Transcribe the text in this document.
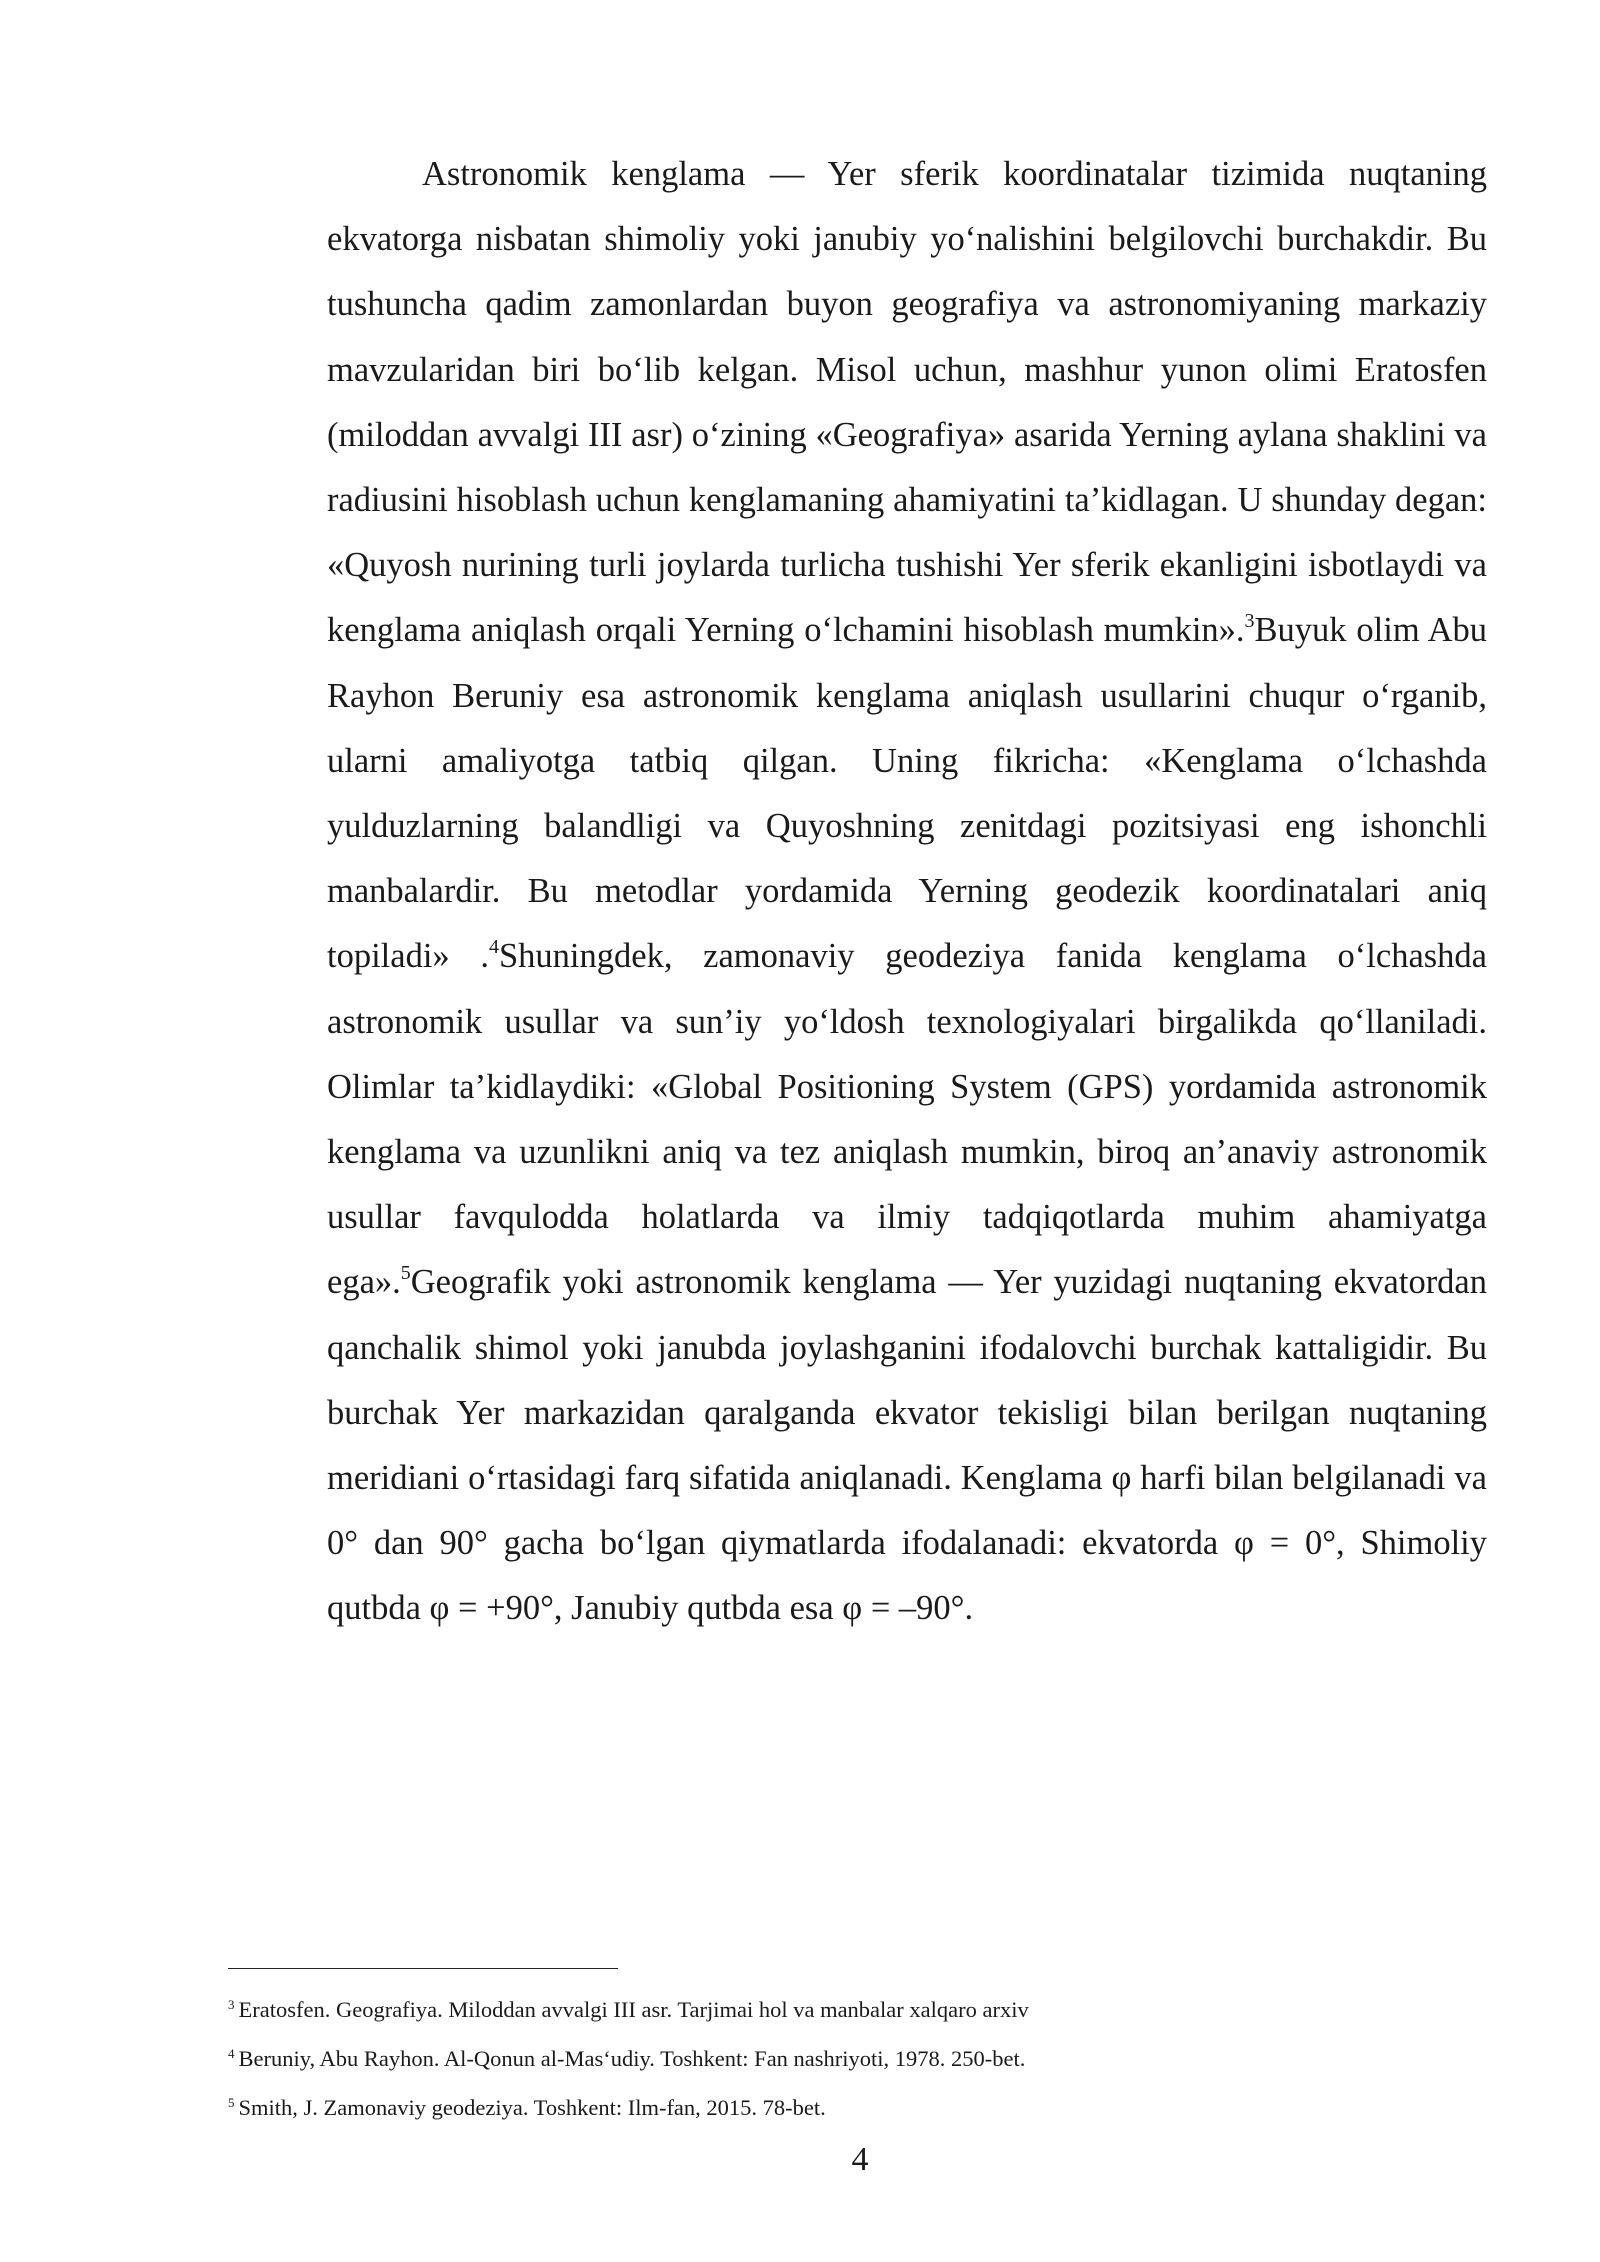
Astronomik kenglama — Yer sferik koordinatalar tizimida nuqtaning ekvatorga nisbatan shimoliy yoki janubiy yo‘nalishini belgilovchi burchakdir. Bu tushuncha qadim zamonlardan buyon geografiya va astronomiyaning markaziy mavzularidan biri bo‘lib kelgan. Misol uchun, mashhur yunon olimi Eratosfen (miloddan avvalgi III asr) o‘zining «Geografiya» asarida Yerning aylana shaklini va radiusini hisoblash uchun kenglamaning ahamiyatini ta’kidlagan. U shunday degan: «Quyosh nurining turli joylarda turlicha tushishi Yer sferik ekanligini isbotlaydi va kenglama aniqlash orqali Yerning o‘lchamini hisoblash mumkin».$^3$Buyuk olim Abu Rayhon Beruniy esa astronomik kenglama aniqlash usullarini chuqur o‘rganib, ularni amaliyotga tatbiq qilgan. Uning fikricha: «Kenglama o‘lchashda yulduzlarning balandligi va Quyoshning zenitdagi pozitsiyasi eng ishonchli manbalardir. Bu metodlar yordamida Yerning geodezik koordinatalari aniq topiladi» .$^4$Shuningdek, zamonaviy geodeziya fanida kenglama o‘lchashda astronomik usullar va sun’iy yo‘ldosh texnologiyalari birgalikda qo‘llaniladi. Olimlar ta’kidlaydiki: «Global Positioning System (GPS) yordamida astronomik kenglama va uzunlikni aniq va tez aniqlash mumkin, biroq an’anaviy astronomik usullar favqulodda holatlarda va ilmiy tadqiqotlarda muhim ahamiyatga ega».$^5$Geografik yoki astronomik kenglama — Yer yuzidagi nuqtaning ekvatordan qanchalik shimol yoki janubda joylashganini ifodalovchi burchak kattaligidir. Bu burchak Yer markazidan qaralganda ekvator tekisligi bilan berilgan nuqtaning meridiani o‘rtasidagi farq sifatida aniqlanadi. Kenglama φ harfi bilan belgilanadi va 0° dan 90° gacha bo‘lgan qiymatlarda ifodalanadi: ekvatorda φ = 0°, Shimoliy qutbda φ = +90°, Janubiy qutbda esa φ = –90°.

$^3$ Eratosfen. Geografiya. Miloddan avvalgi III asr. Tarjimai hol va manbalar xalqaro arxiv
$^4$ Beruniy, Abu Rayhon. Al-Qonun al-Mas‘udiy. Toshkent: Fan nashriyoti, 1978. 250-bet.
$^5$ Smith, J. Zamonaviy geodeziya. Toshkent: Ilm-fan, 2015. 78-bet.
4
